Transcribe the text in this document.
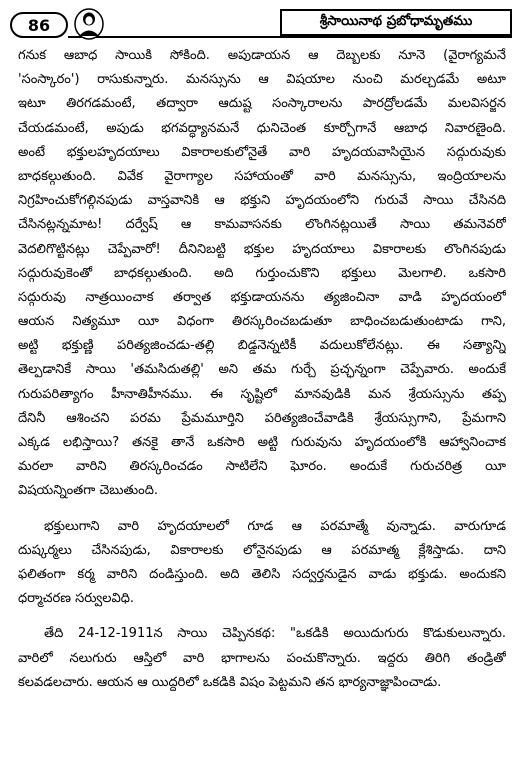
86	శ్రీసాయినాథ ప్రబోధామృతము
గనుక ఆబాధ సాయికి సోకింది. అపుడాయన ఆ దెబ్బలకు నూనె (వైరాగ్యమనే
'సంస్కారం') రాసుకున్నారు. మనస్సును ఆ విషయాల నుంచి మరల్చడమే అటూ
ఇటూ తిరగడమంటే, తద్వారా ఆదుష్ట సంస్కారాలను పారద్రోలడమే మలవిసర్జన
చేయడమంటే, అపుడు భగవద్ధ్యానమనే ధునిచెంత కూర్చోగానే ఆబాధ నివారణైంది.
అంటే భక్తులహృదయాలు వికారాలకులోనైతే వారి హృదయవాసియైన సద్గురువుకు
బాధకల్గుతుంది. వివేక వైరాగ్యాల సహాయంతో వారి మనస్సును, ఇంద్రియాలను
నిగ్రహించుకోగల్గినపుడు వాస్తవానికి ఆ భక్తుని హృదయంలోని గురువే సాయి చేసినది
చేసినట్లన్నమాట! దర్వేష్ ఆ కామవాసనకు లొంగినట్లయితే సాయి తమనెవరో
వెదలిగొట్టినట్లు చెప్పేవారో! దీనినిబట్టి భక్తుల హృదయాలు వికారాలకు లొంగినపుడు
సద్గురువుకెంతో బాధకల్గుతుంది. అది గుర్తుంచుకొని భక్తులు మెలగాలి. ఒకసారి
సద్గురువు నాత్రయించాక తర్వాత భక్తుడాయనను త్యజించినా వాడి హృదయంలో
ఆయన నిత్యమూ యీ విధంగా తిరస్కరించబడుతూ బాధించబడుతుంటాడు గాని,
అట్టి భక్తుణ్ణి పరిత్యజించడు-తల్లి బిడ్డనెన్నటికీ వదులుకోలేనట్లు. ఈ సత్యాన్ని
తెల్పడానికే సాయి 'తమసిదుతల్లి' అని తమ గుర్చే ప్రచ్ఛన్నంగా చెప్పేవారు. అందుకే
గురుపరిత్యాగం హీనాతిహీనము. ఈ సృష్టిలో మానవుడికి మన శ్రేయస్సును తప్ప
దేనినీ ఆశించని పరమ ప్రేమమూర్తిని పరిత్యజించేవాడికి శ్రేయస్సుగాని, ప్రేమగాని
ఎక్కడ లభిస్తాయి? తనకై తానే ఒకసారి అట్టి గురువును హృదయంలోకి ఆహ్వానించాక
మరలా వారిని తిరస్కరించడం సాటిలేని ఘోరం. అందుకే గురుచరిత్ర యీ
విషయన్నింతగా చెబుతుంది.
భక్తులుగాని వారి హృదయాలలో గూడ ఆ పరమాత్మే వున్నాడు. వారుగూడ
దుష్కర్మలు చేసినపుడు, వికారాలకు లోనైనపుడు ఆ పరమాత్మ క్లేశిస్తాడు. దాని
ఫలితంగా కర్మ వారిని దండిస్తుంది. అది తెలిసి సద్వర్తనుడైన వాడు భక్తుడు. అందుకని
ధర్మాచరణ సర్వులవిధి.
తేది 24-12-1911న సాయి చెప్పినకథ: "ఒకడికి అయిదుగురు కొడుకులున్నారు.
వారిలో నలుగురు ఆస్తిలో వారి భాగాలను పంచుకొన్నారు. ఇద్దరు తిరిగి తండ్రితో
కలవడలచారు. ఆయన ఆ యిద్దరిలో ఒకడికి విషం పెట్టమని తన భార్యనాజ్ఞాపించాడు.
